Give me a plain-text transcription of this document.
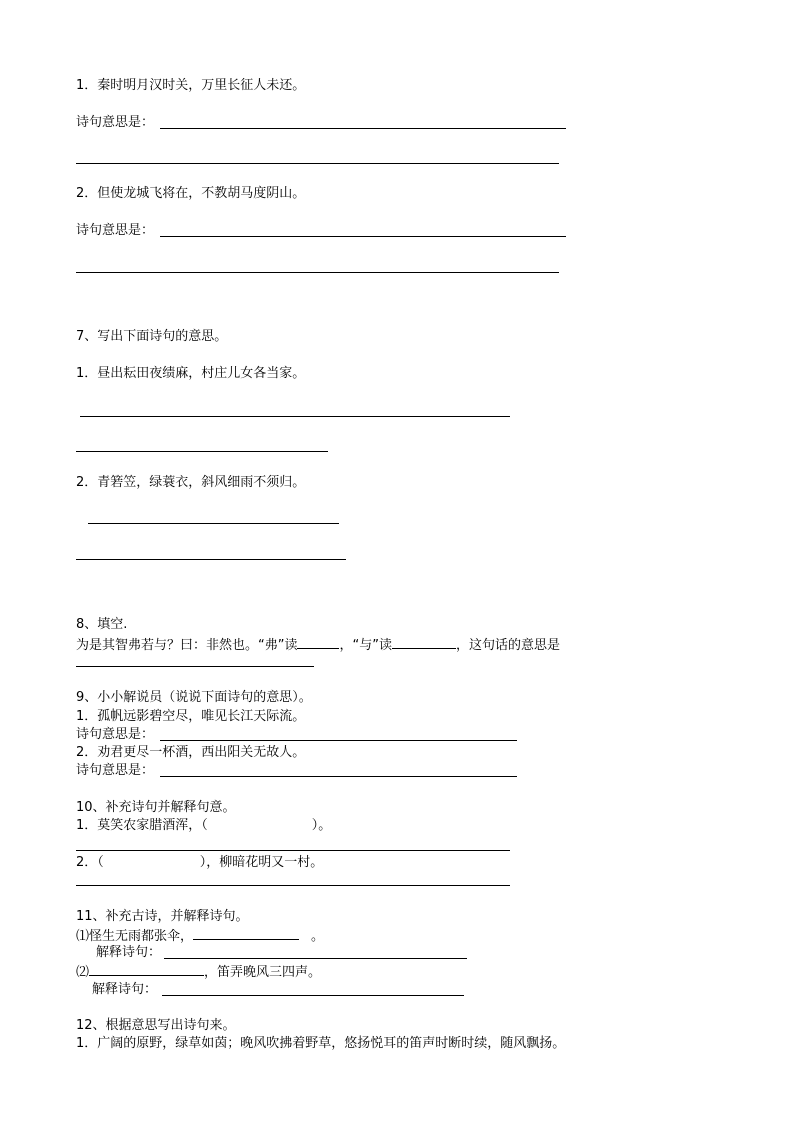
1．秦时明月汉时关，万里长征人未还。
诗句意思是：
2．但使龙城飞将在，不教胡马度阴山。
诗句意思是：
7、写出下面诗句的意思。
1．昼出耘田夜绩麻，村庄儿女各当家。
2．青箬笠，绿蓑衣，斜风细雨不须归。
8、填空.
为是其智弗若与？曰：非然也。“弗”读	，“与”读	，这句话的意思是
9、小小解说员（说说下面诗句的意思）。
1．孤帆远影碧空尽，唯见长江天际流。
诗句意思是：
2．劝君更尽一杯酒，西出阳关无故人。
诗句意思是：
10、补充诗句并解释句意。
1．莫笑农家腊酒浑，（	）。
2．（	），柳暗花明又一村。
11、补充古诗，并解释诗句。
⑴怪生无雨都张伞，	。
解释诗句：
⑵	，笛弄晚风三四声。
解释诗句：
12、根据意思写出诗句来。
1．广阔的原野，绿草如茵；晚风吹拂着野草，悠扬悦耳的笛声时断时续，随风飘扬。
